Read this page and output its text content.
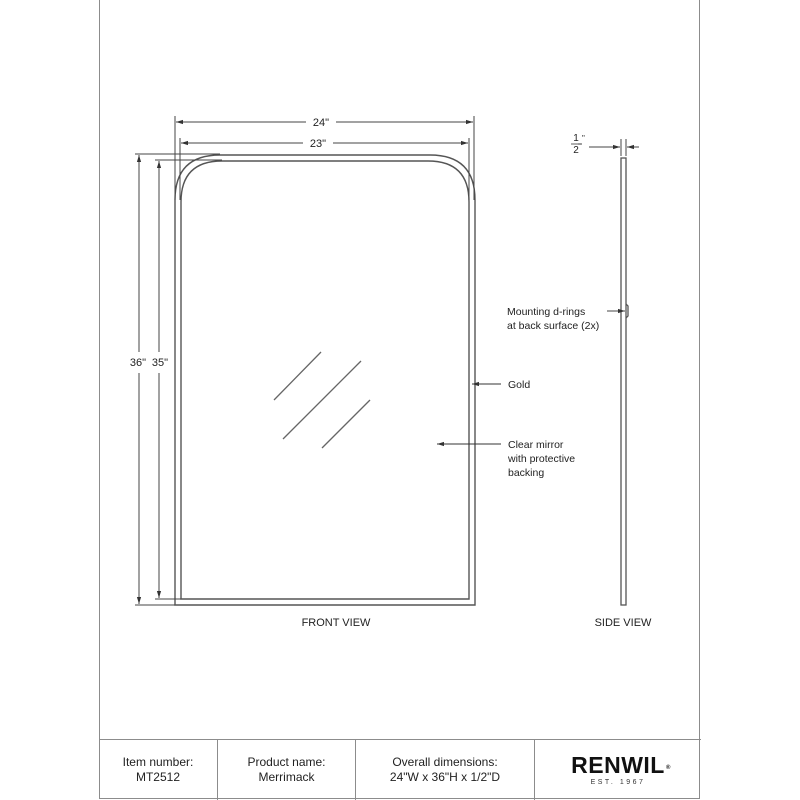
24"
23"
36" 35"
Gold
Clear mirror
with protective
backing
FRONT VIEW
1
2
"
Mounting d-rings
at back surface (2x)
SIDE VIEW
Item number:
MT2512
Product name:
Merrimack
Overall dimensions:
24"W x 36"H x 1/2"D	RENWIL ®
EST. 1967
